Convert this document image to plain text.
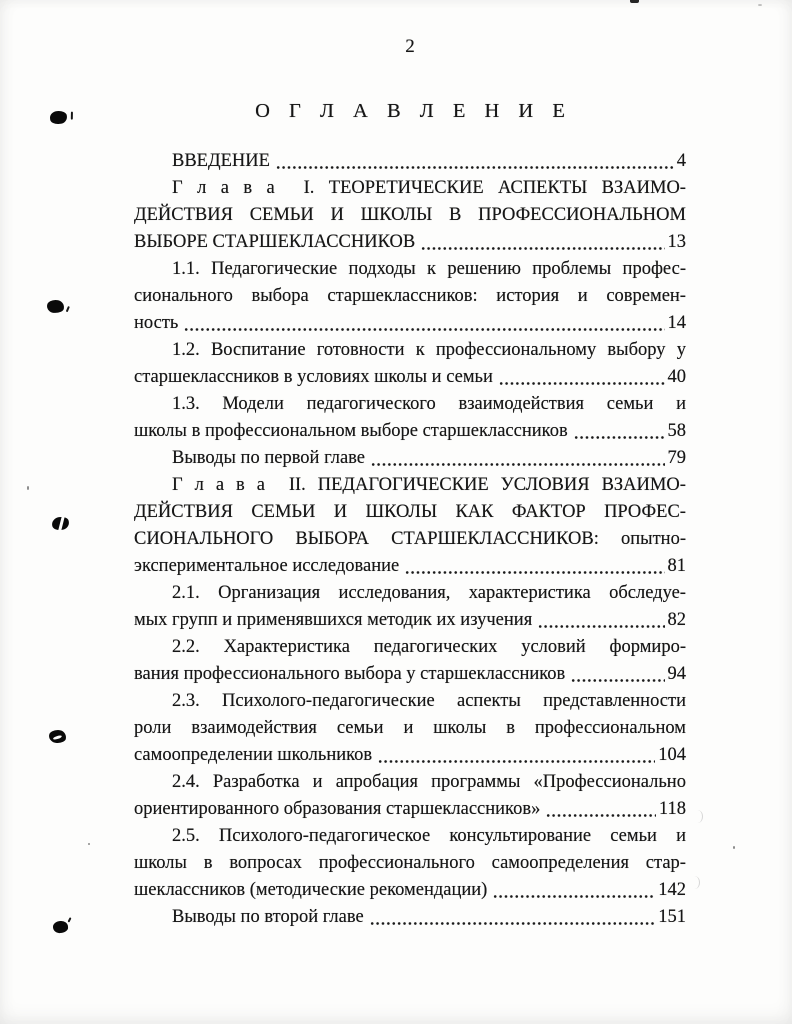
2
О Г Л А В Л Е Н И Е
ВВЕДЕНИЕ	4
Г л а в а I. ТЕОРЕТИЧЕСКИЕ АСПЕКТЫ ВЗАИМО-
ДЕЙСТВИЯ СЕМЬИ И ШКОЛЫ В ПРОФЕССИОНАЛЬНОМ
ВЫБОРЕ СТАРШЕКЛАССНИКОВ	13
1.1. Педагогические подходы к решению проблемы профес-
сионального выбора старшеклассников: история и современ-
ность	14
1.2. Воспитание готовности к профессиональному выбору у
старшеклассников в условиях школы и семьи	40
1.3. Модели педагогического взаимодействия семьи и
школы в профессиональном выборе старшеклассников	58
Выводы по первой главе	79
Г л а в а II. ПЕДАГОГИЧЕСКИЕ УСЛОВИЯ ВЗАИМО-
ДЕЙСТВИЯ СЕМЬИ И ШКОЛЫ КАК ФАКТОР ПРОФЕС-
СИОНАЛЬНОГО ВЫБОРА СТАРШЕКЛАССНИКОВ: опытно-
экспериментальное исследование	81
2.1. Организация исследования, характеристика обследуе-
мых групп и применявшихся методик их изучения	82
2.2. Характеристика педагогических условий формиро-
вания профессионального выбора у старшеклассников	94
2.3. Психолого-педагогические аспекты представленности
роли взаимодействия семьи и школы в профессиональном
самоопределении школьников	104
2.4. Разработка и апробация программы «Профессионально
ориентированного образования старшеклассников»	118
2.5. Психолого-педагогическое консультирование семьи и
школы в вопросах профессионального самоопределения стар-
шеклассников (методические рекомендации)	142
Выводы по второй главе	151
